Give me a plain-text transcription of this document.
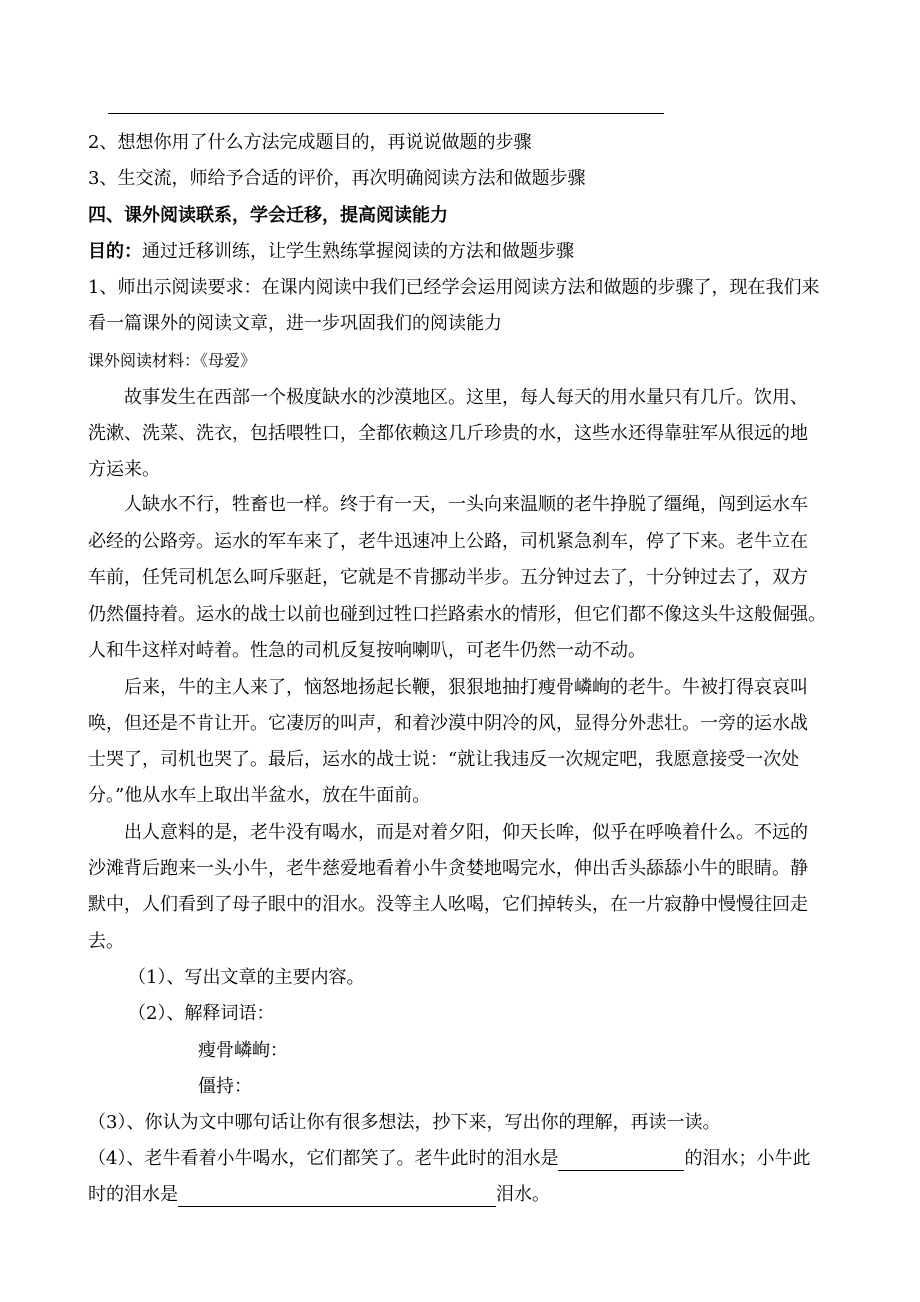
2、想想你用了什么方法完成题目的，再说说做题的步骤
3、生交流，师给予合适的评价，再次明确阅读方法和做题步骤
四、课外阅读联系，学会迁移，提高阅读能力
目的：通过迁移训练，让学生熟练掌握阅读的方法和做题步骤
1、师出示阅读要求：在课内阅读中我们已经学会运用阅读方法和做题的步骤了，现在我们来
看一篇课外的阅读文章，进一步巩固我们的阅读能力
课外阅读材料：《母爱》
故事发生在西部一个极度缺水的沙漠地区。这里，每人每天的用水量只有几斤。饮用、
洗漱、洗菜、洗衣，包括喂牲口，全都依赖这几斤珍贵的水，这些水还得靠驻军从很远的地
方运来。
人缺水不行，牲畜也一样。终于有一天，一头向来温顺的老牛挣脱了缰绳，闯到运水车
必经的公路旁。运水的军车来了，老牛迅速冲上公路，司机紧急刹车，停了下来。老牛立在
车前，任凭司机怎么呵斥驱赶，它就是不肯挪动半步。五分钟过去了，十分钟过去了，双方
仍然僵持着。运水的战士以前也碰到过牲口拦路索水的情形，但它们都不像这头牛这般倔强。
人和牛这样对峙着。性急的司机反复按响喇叭，可老牛仍然一动不动。
后来，牛的主人来了，恼怒地扬起长鞭，狠狠地抽打瘦骨嶙峋的老牛。牛被打得哀哀叫
唤，但还是不肯让开。它凄厉的叫声，和着沙漠中阴冷的风，显得分外悲壮。一旁的运水战
士哭了，司机也哭了。最后，运水的战士说：“就让我违反一次规定吧，我愿意接受一次处
分。”他从水车上取出半盆水，放在牛面前。
出人意料的是，老牛没有喝水，而是对着夕阳，仰天长哞，似乎在呼唤着什么。不远的
沙滩背后跑来一头小牛，老牛慈爱地看着小牛贪婪地喝完水，伸出舌头舔舔小牛的眼睛。静
默中，人们看到了母子眼中的泪水。没等主人吆喝，它们掉转头，在一片寂静中慢慢往回走
去。
（1）、写出文章的主要内容。
（2）、解释词语：
瘦骨嶙峋：
僵持：
（3）、你认为文中哪句话让你有很多想法，抄下来，写出你的理解，再读一读。
（4）、老牛看着小牛喝水，它们都笑了。老牛此时的泪水是	的泪水；小牛此
时的泪水是	泪水。
